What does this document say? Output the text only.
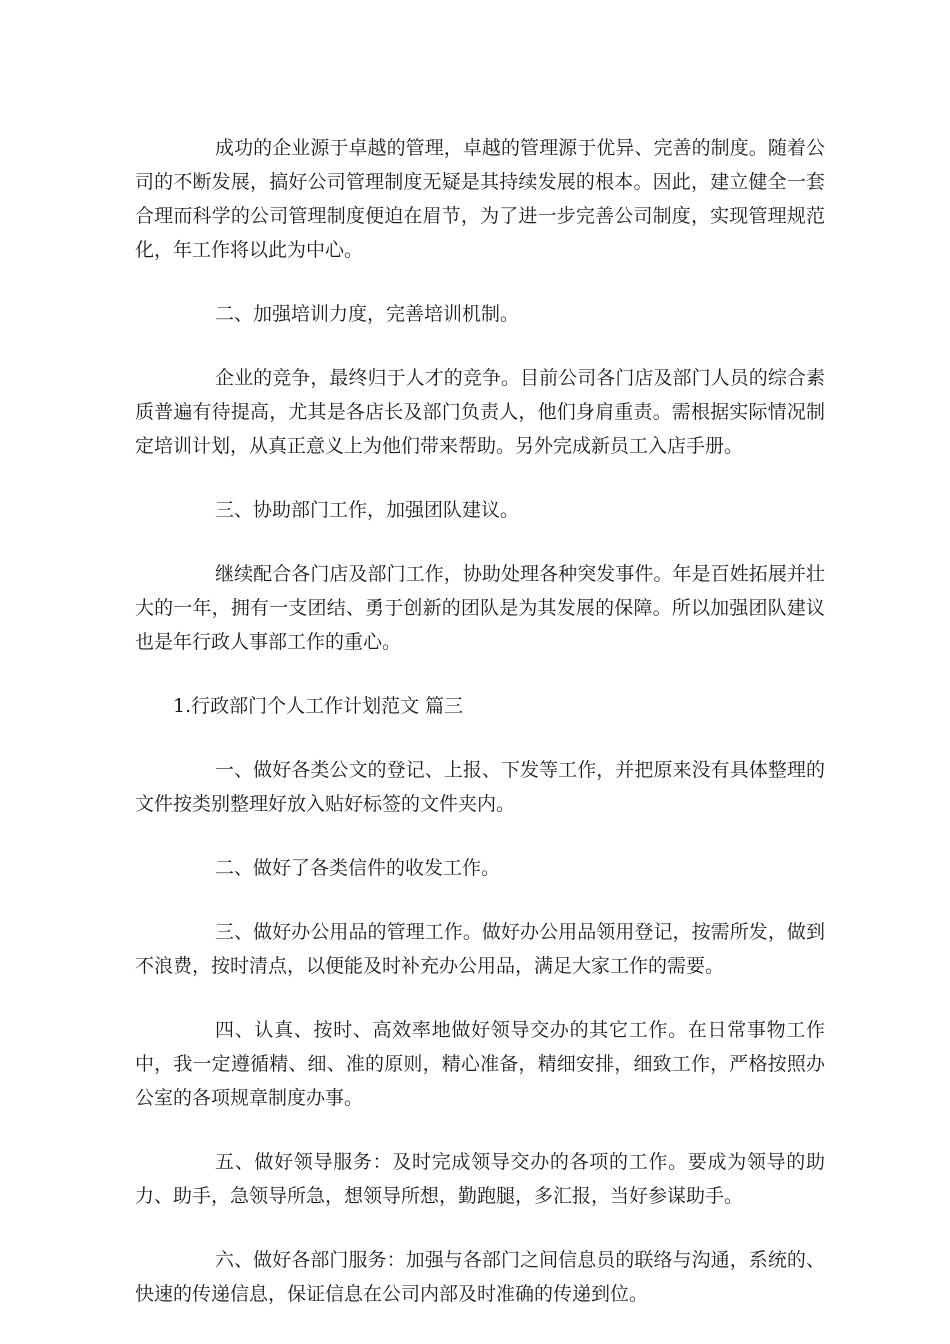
成功的企业源于卓越的管理，卓越的管理源于优异、完善的制度。随着公司的不断发展，搞好公司管理制度无疑是其持续发展的根本。因此，建立健全一套合理而科学的公司管理制度便迫在眉节，为了进一步完善公司制度，实现管理规范化，年工作将以此为中心。

二、加强培训力度，完善培训机制。

企业的竞争，最终归于人才的竞争。目前公司各门店及部门人员的综合素质普遍有待提高，尤其是各店长及部门负责人，他们身肩重责。需根据实际情况制定培训计划，从真正意义上为他们带来帮助。另外完成新员工入店手册。

三、协助部门工作，加强团队建议。

继续配合各门店及部门工作，协助处理各种突发事件。年是百姓拓展并壮大的一年，拥有一支团结、勇于创新的团队是为其发展的保障。所以加强团队建议也是年行政人事部工作的重心。

1.行政部门个人工作计划范文 篇三

一、做好各类公文的登记、上报、下发等工作，并把原来没有具体整理的文件按类别整理好放入贴好标签的文件夹内。

二、做好了各类信件的收发工作。

三、做好办公用品的管理工作。做好办公用品领用登记，按需所发，做到不浪费，按时清点，以便能及时补充办公用品，满足大家工作的需要。

四、认真、按时、高效率地做好领导交办的其它工作。在日常事物工作中，我一定遵循精、细、准的原则，精心准备，精细安排，细致工作，严格按照办公室的各项规章制度办事。

五、做好领导服务：及时完成领导交办的各项的工作。要成为领导的助力、助手，急领导所急，想领导所想，勤跑腿，多汇报，当好参谋助手。

六、做好各部门服务：加强与各部门之间信息员的联络与沟通，系统的、快速的传递信息，保证信息在公司内部及时准确的传递到位。
